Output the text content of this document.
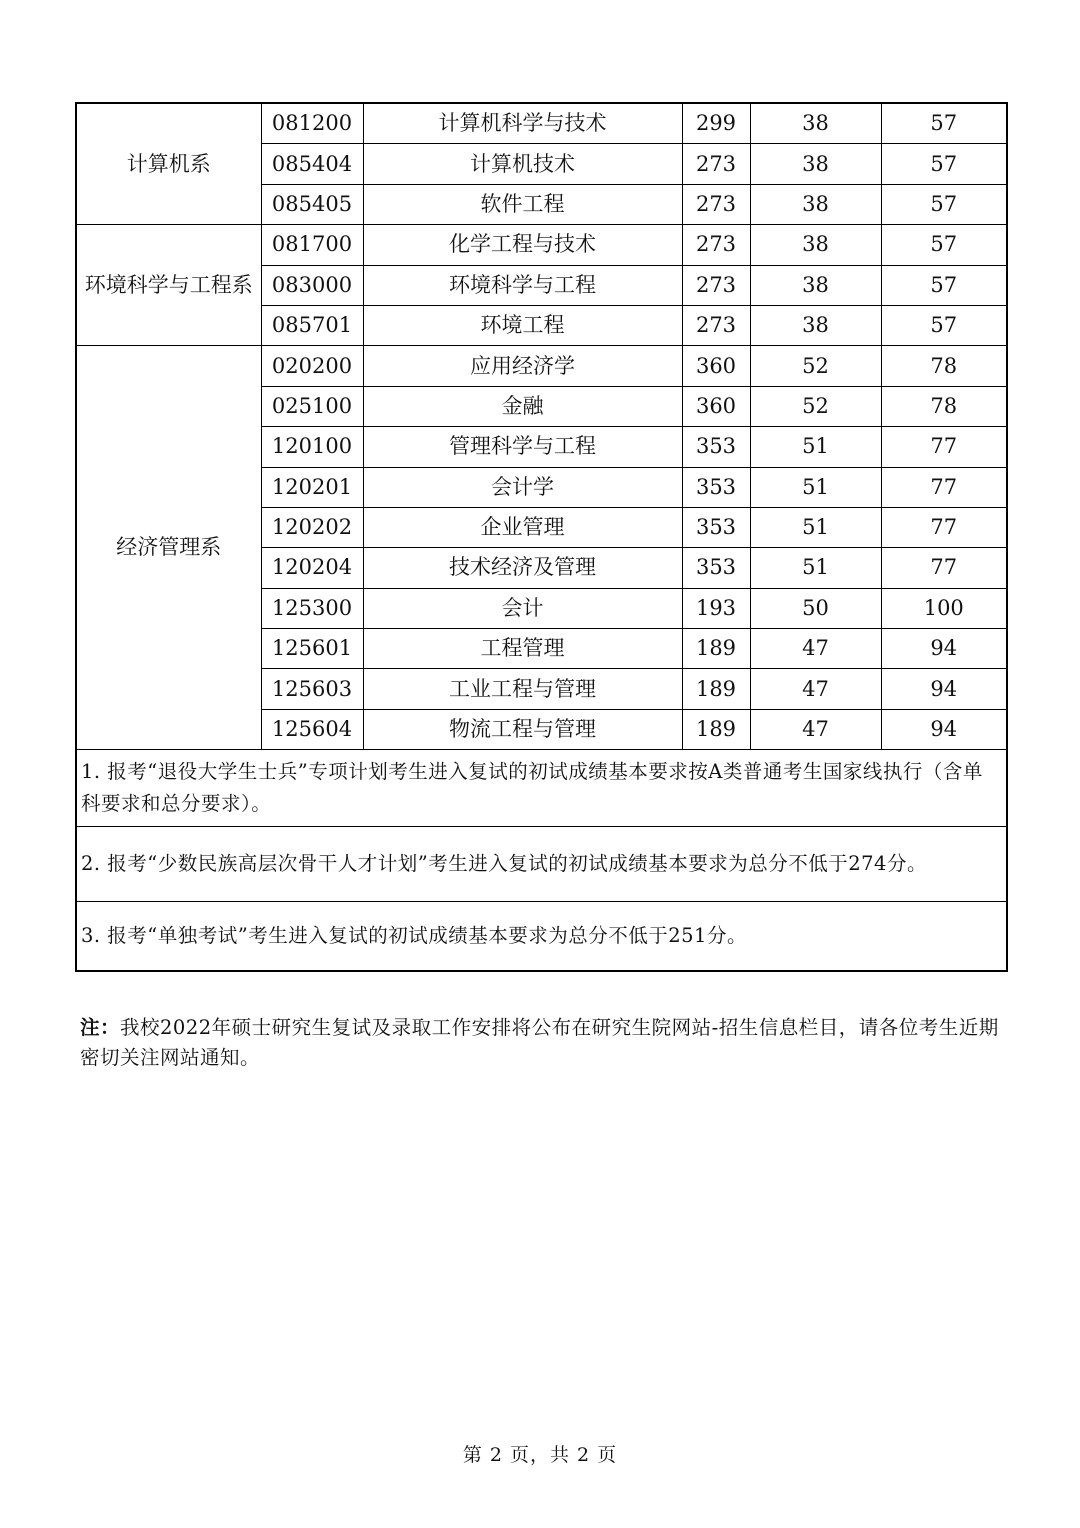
计算机系	081200	计算机科学与技术	299	38	57
	085404	计算机技术	273	38	57
	085405	软件工程	273	38	57
环境科学与工程系	081700	化学工程与技术	273	38	57
	083000	环境科学与工程	273	38	57
	085701	环境工程	273	38	57
经济管理系	020200	应用经济学	360	52	78
	025100	金融	360	52	78
	120100	管理科学与工程	353	51	77
	120201	会计学	353	51	77
	120202	企业管理	353	51	77
	120204	技术经济及管理	353	51	77
	125300	会计	193	50	100
	125601	工程管理	189	47	94
	125603	工业工程与管理	189	47	94
	125604	物流工程与管理	189	47	94
1. 报考“退役大学生士兵”专项计划考生进入复试的初试成绩基本要求按A类普通考生国家线执行（含单科要求和总分要求）。					
2. 报考“少数民族高层次骨干人才计划”考生进入复试的初试成绩基本要求为总分不低于274分。					
3. 报考“单独考试”考生进入复试的初试成绩基本要求为总分不低于251分。					
注：我校2022年硕士研究生复试及录取工作安排将公布在研究生院网站-招生信息栏目，请各位考生近期密切关注网站通知。
第 2 页，共 2 页
